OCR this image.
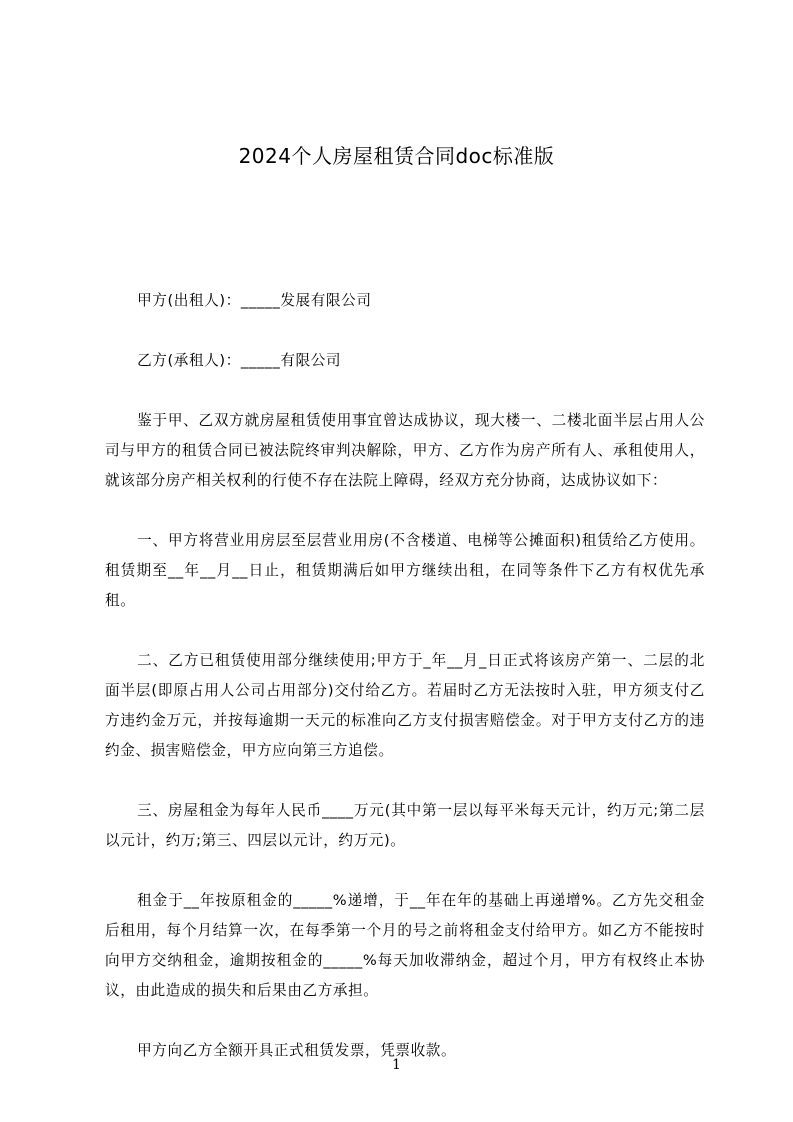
2024个人房屋租赁合同doc标准版

甲方(出租人)：_____发展有限公司

乙方(承租人)：_____有限公司

鉴于甲、乙双方就房屋租赁使用事宜曾达成协议，现大楼一、二楼北面半层占用人公司与甲方的租赁合同已被法院终审判决解除，甲方、乙方作为房产所有人、承租使用人，就该部分房产相关权利的行使不存在法院上障碍，经双方充分协商，达成协议如下：

一、甲方将营业用房层至层营业用房(不含楼道、电梯等公摊面积)租赁给乙方使用。租赁期至__年__月__日止，租赁期满后如甲方继续出租，在同等条件下乙方有权优先承租。

二、乙方已租赁使用部分继续使用;甲方于_年__月_日正式将该房产第一、二层的北面半层(即原占用人公司占用部分)交付给乙方。若届时乙方无法按时入驻，甲方须支付乙方违约金万元，并按每逾期一天元的标准向乙方支付损害赔偿金。对于甲方支付乙方的违约金、损害赔偿金，甲方应向第三方追偿。

三、房屋租金为每年人民币____万元(其中第一层以每平米每天元计，约万元;第二层以元计，约万;第三、四层以元计，约万元)。

租金于__年按原租金的_____%递增，于__年在年的基础上再递增%。乙方先交租金后租用，每个月结算一次，在每季第一个月的号之前将租金支付给甲方。如乙方不能按时向甲方交纳租金，逾期按租金的_____%每天加收滞纳金，超过个月，甲方有权终止本协议，由此造成的损失和后果由乙方承担。

甲方向乙方全额开具正式租赁发票，凭票收款。

1
